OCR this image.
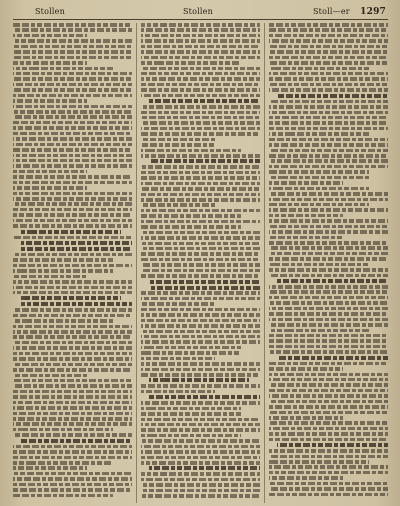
Stollen	Stollen	Stoll—er 1297
